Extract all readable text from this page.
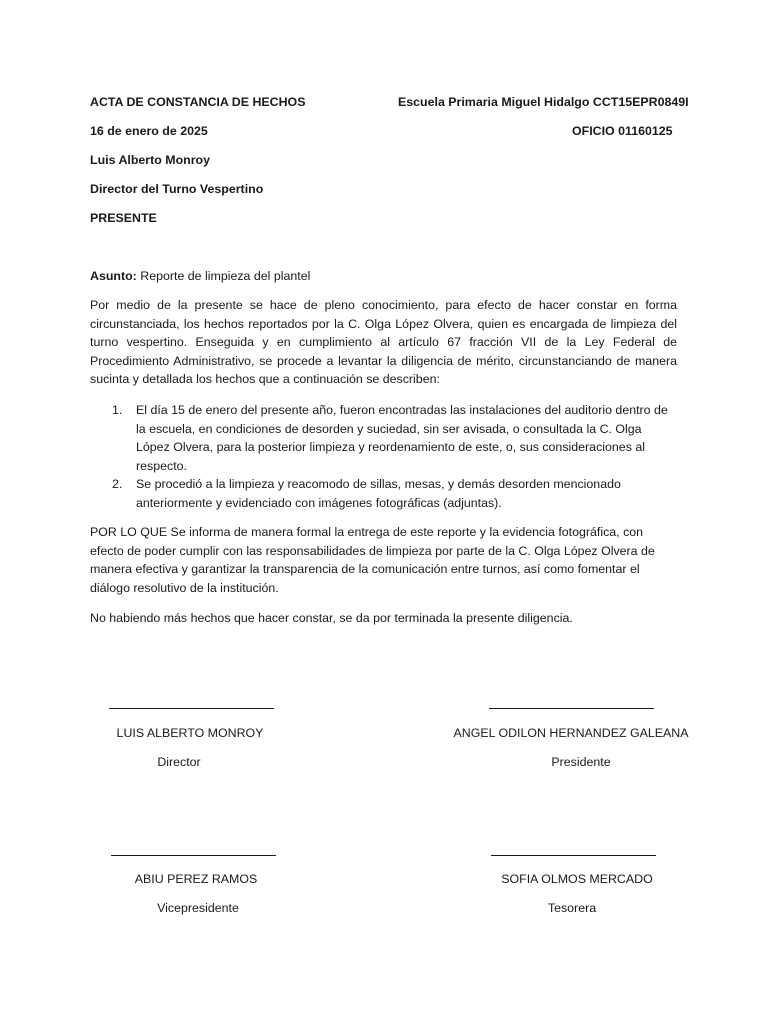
ACTA DE CONSTANCIA DE HECHOS	Escuela Primaria Miguel Hidalgo CCT15EPR0849I
16 de enero de 2025	OFICIO 01160125
Luis Alberto Monroy
Director del Turno Vespertino
PRESENTE
Asunto: Reporte de limpieza del plantel

Por medio de la presente se hace de pleno conocimiento, para efecto de hacer constar en forma circunstanciada, los hechos reportados por la C. Olga López Olvera, quien es encargada de limpieza del turno vespertino. Enseguida y en cumplimiento al artículo 67 fracción VII de la Ley Federal de Procedimiento Administrativo, se procede a levantar la diligencia de mérito, circunstanciando de manera sucinta y detallada los hechos que a continuación se describen:

1. El día 15 de enero del presente año, fueron encontradas las instalaciones del auditorio dentro de la escuela, en condiciones de desorden y suciedad, sin ser avisada, o consultada la C. Olga López Olvera, para la posterior limpieza y reordenamiento de este, o, sus consideraciones al respecto.
2. Se procedió a la limpieza y reacomodo de sillas, mesas, y demás desorden mencionado anteriormente y evidenciado con imágenes fotográficas (adjuntas).

POR LO QUE Se informa de manera formal la entrega de este reporte y la evidencia fotográfica, con efecto de poder cumplir con las responsabilidades de limpieza por parte de la C. Olga López Olvera de manera efectiva y garantizar la transparencia de la comunicación entre turnos, así como fomentar el diálogo resolutivo de la institución.

No habiendo más hechos que hacer constar, se da por terminada la presente diligencia.

LUIS ALBERTO MONROY
Director
ANGEL ODILON HERNANDEZ GALEANA
Presidente
ABIU PEREZ RAMOS
Vicepresidente
SOFIA OLMOS MERCADO
Tesorera
